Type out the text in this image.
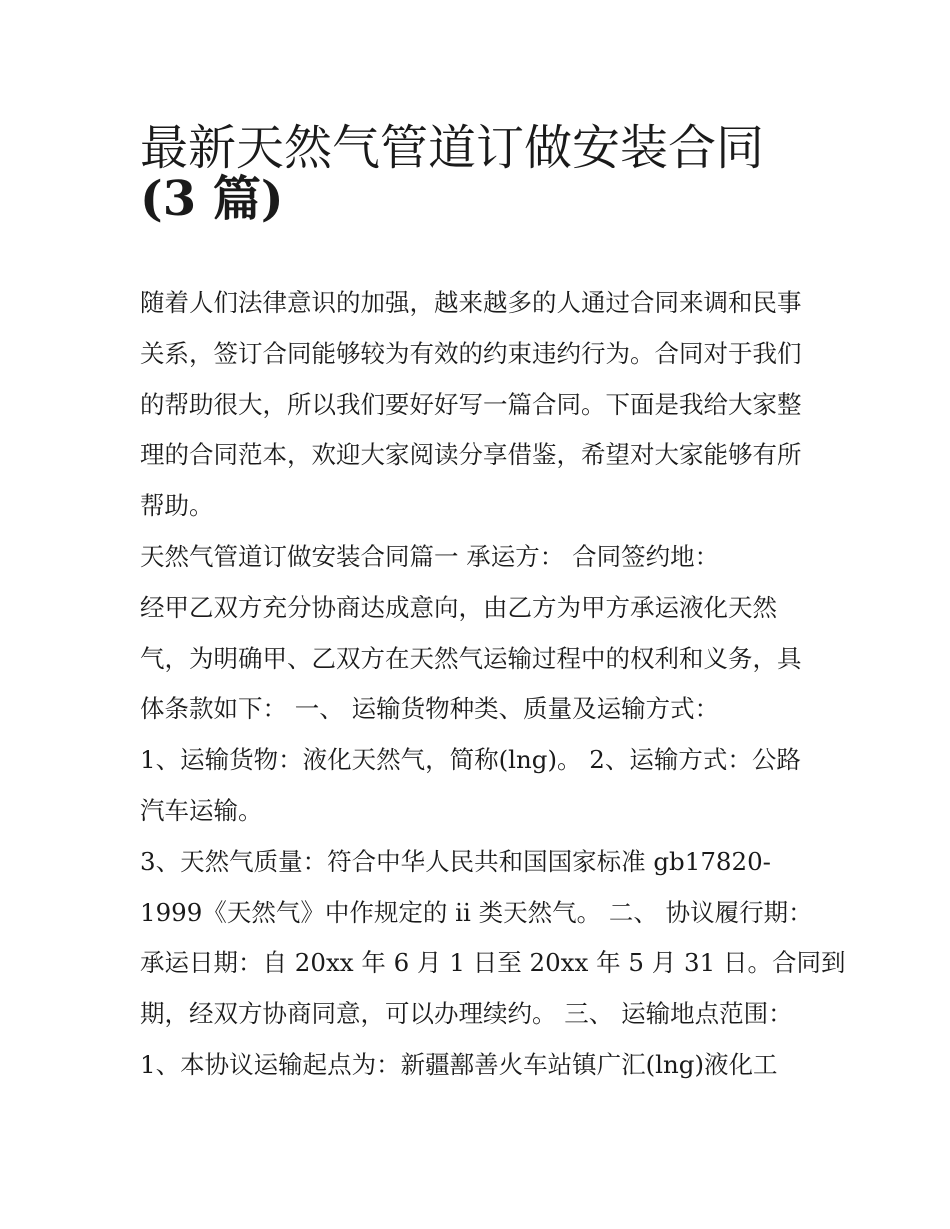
最新天然气管道订做安装合同
(3 篇)
随着人们法律意识的加强，越来越多的人通过合同来调和民事
关系，签订合同能够较为有效的约束违约行为。合同对于我们
的帮助很大，所以我们要好好写一篇合同。下面是我给大家整
理的合同范本，欢迎大家阅读分享借鉴，希望对大家能够有所
帮助。
天然气管道订做安装合同篇一 承运方： 合同签约地：
经甲乙双方充分协商达成意向，由乙方为甲方承运液化天然
气，为明确甲、乙双方在天然气运输过程中的权利和义务，具
体条款如下： 一、 运输货物种类、质量及运输方式：
1、运输货物：液化天然气，简称(lng)。 2、运输方式：公路
汽车运输。
3、天然气质量：符合中华人民共和国国家标准 gb17820-
1999《天然气》中作规定的 ii 类天然气。 二、 协议履行期：
承运日期：自 20xx 年 6 月 1 日至 20xx 年 5 月 31 日。合同到
期，经双方协商同意，可以办理续约。 三、 运输地点范围：
1、本协议运输起点为：新疆鄯善火车站镇广汇(lng)液化工
